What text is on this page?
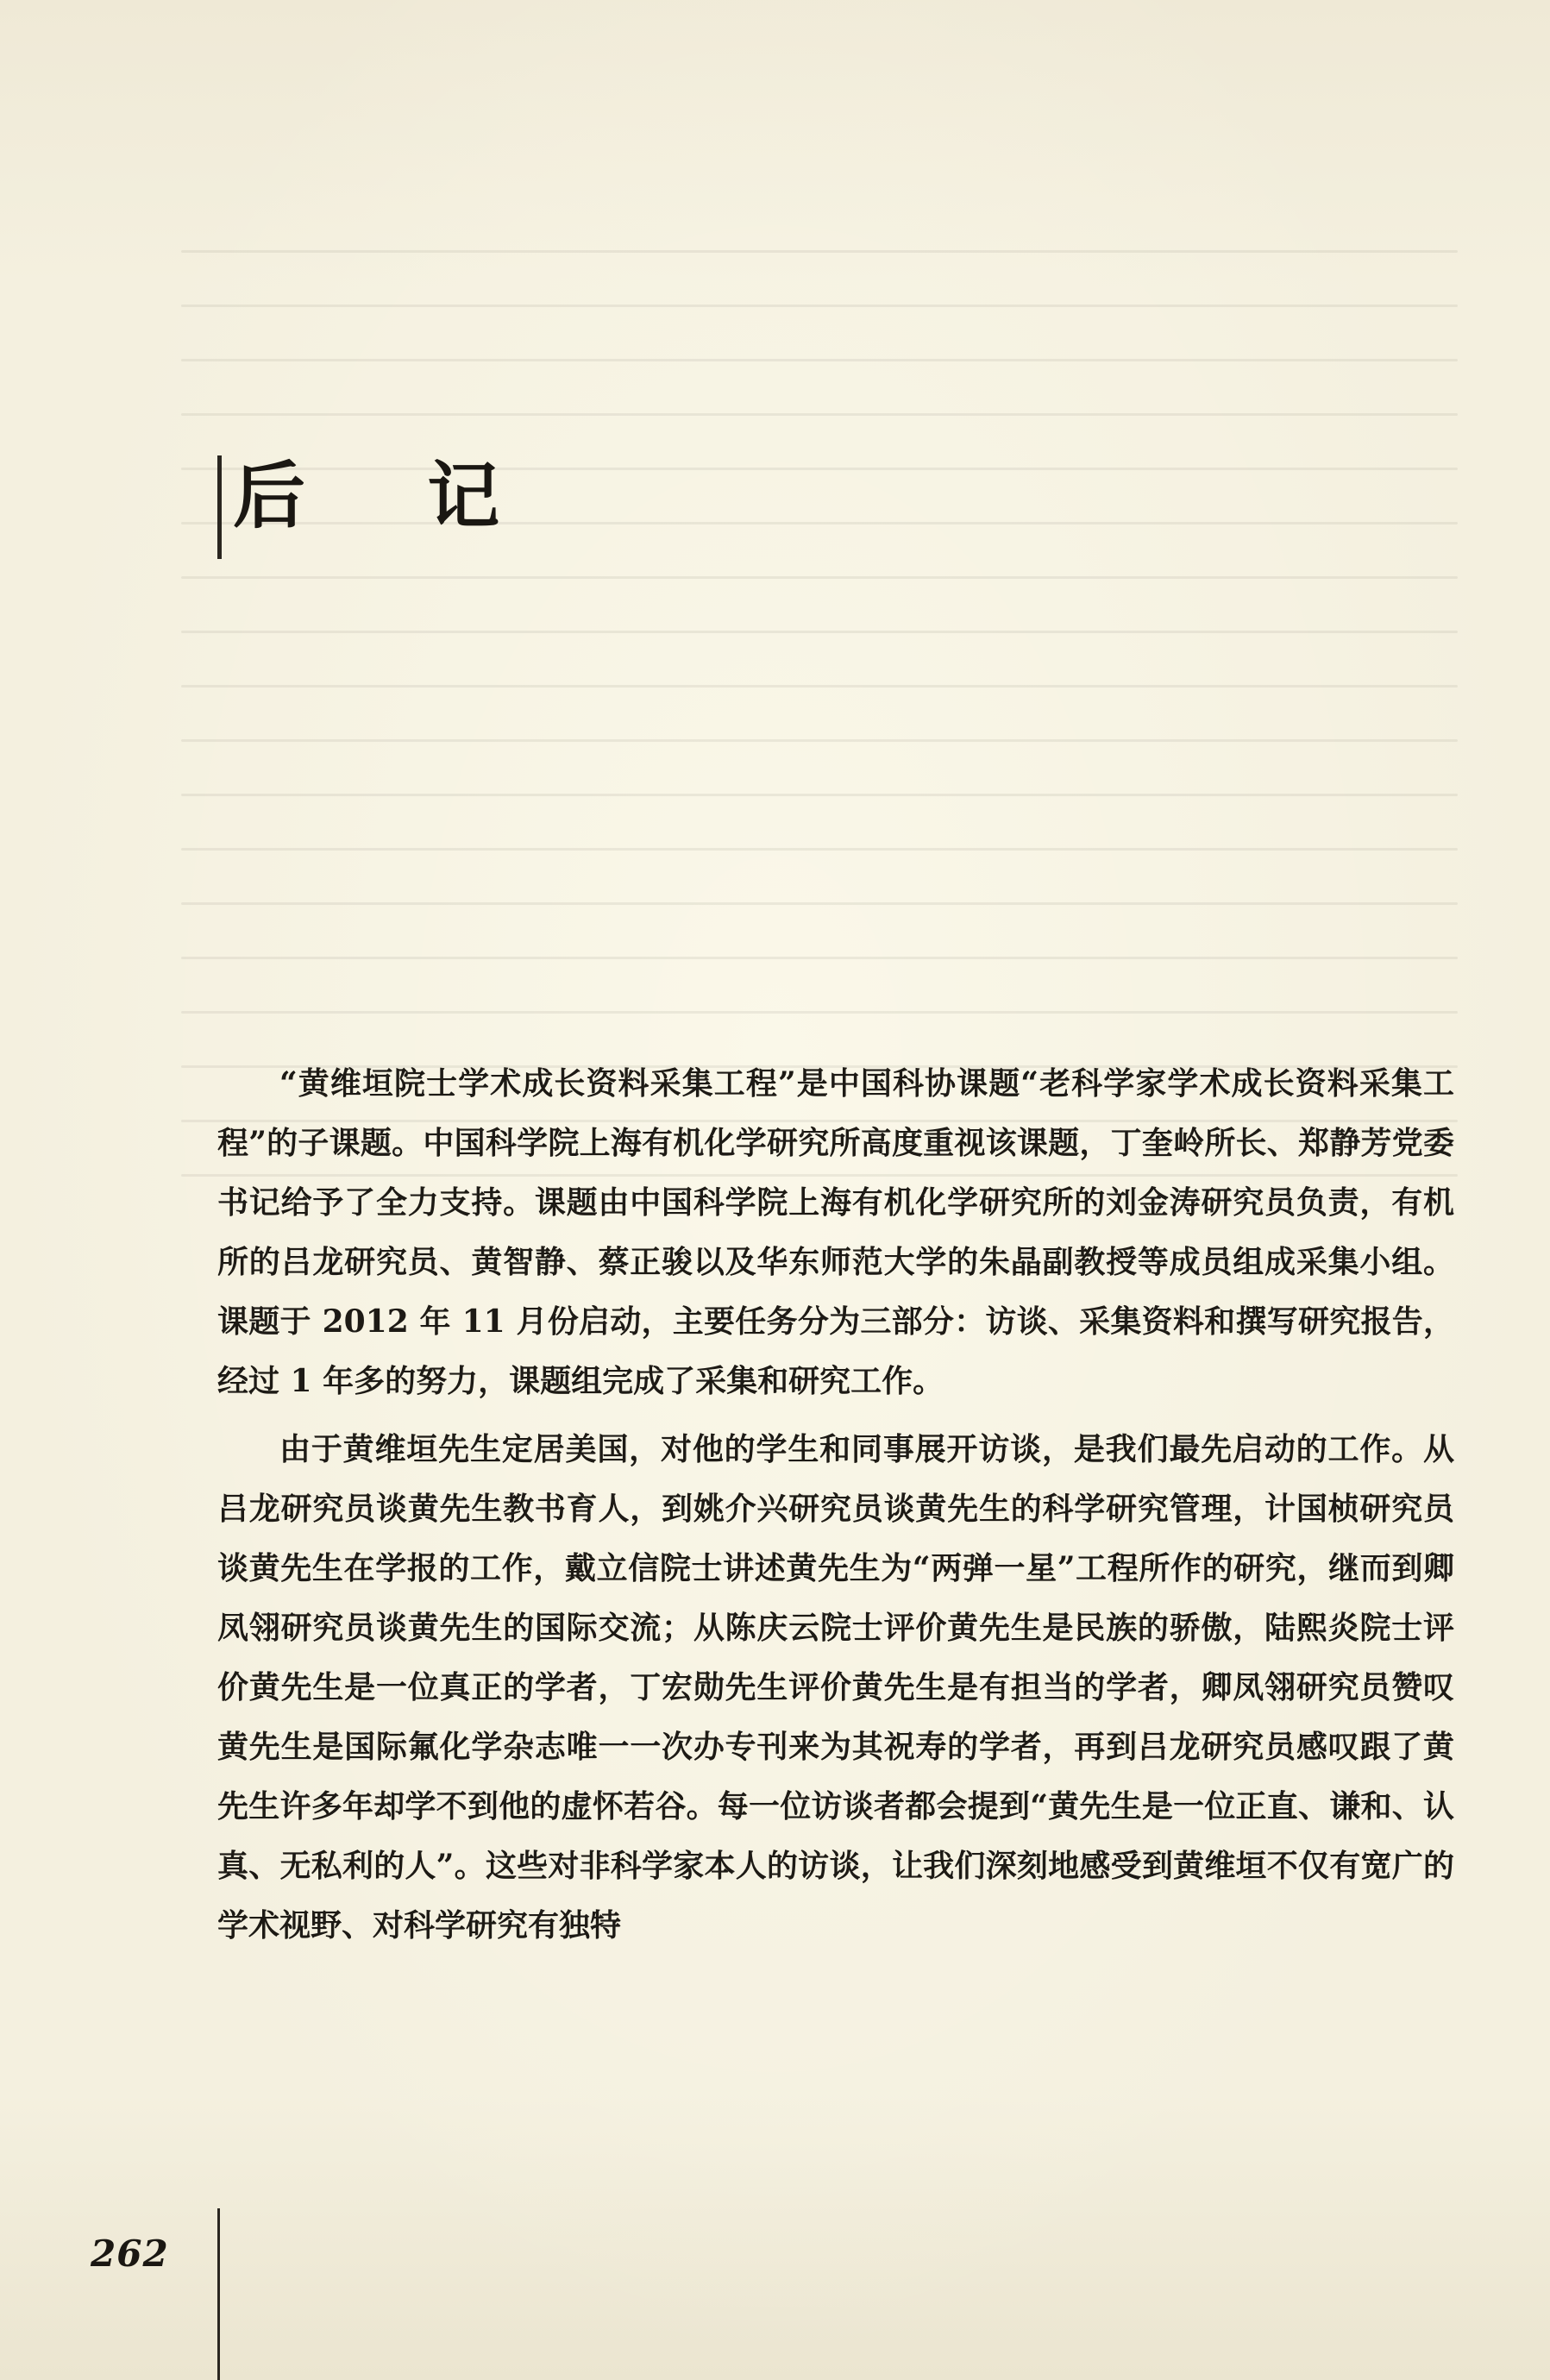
后 记

“黄维垣院士学术成长资料采集工程”是中国科协课题“老科学家学术成长资料采集工程”的子课题。中国科学院上海有机化学研究所高度重视该课题，丁奎岭所长、郑静芳党委书记给予了全力支持。课题由中国科学院上海有机化学研究所的刘金涛研究员负责，有机所的吕龙研究员、黄智静、蔡正骏以及华东师范大学的朱晶副教授等成员组成采集小组。课题于 2012 年 11 月份启动，主要任务分为三部分：访谈、采集资料和撰写研究报告，经过 1 年多的努力，课题组完成了采集和研究工作。

由于黄维垣先生定居美国，对他的学生和同事展开访谈，是我们最先启动的工作。从吕龙研究员谈黄先生教书育人，到姚介兴研究员谈黄先生的科学研究管理，计国桢研究员谈黄先生在学报的工作，戴立信院士讲述黄先生为“两弹一星”工程所作的研究，继而到卿凤翎研究员谈黄先生的国际交流；从陈庆云院士评价黄先生是民族的骄傲，陆熙炎院士评价黄先生是一位真正的学者，丁宏勋先生评价黄先生是有担当的学者，卿凤翎研究员赞叹黄先生是国际氟化学杂志唯一一次办专刊来为其祝寿的学者，再到吕龙研究员感叹跟了黄先生许多年却学不到他的虚怀若谷。每一位访谈者都会提到“黄先生是一位正直、谦和、认真、无私利的人”。这些对非科学家本人的访谈，让我们深刻地感受到黄维垣不仅有宽广的学术视野、对科学研究有独特

262
